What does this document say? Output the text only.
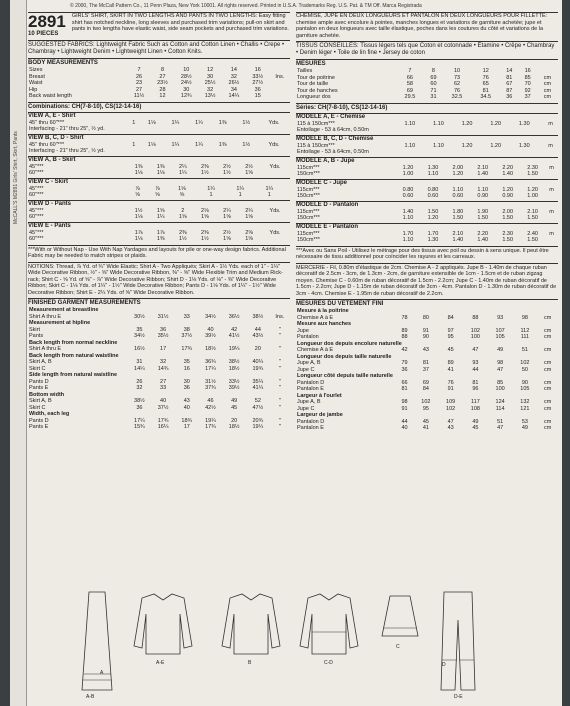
McCALL'S M2891 Girls' Shirt, Skirt, Pants
© 2000, The McCall Pattern Co., 11 Penn Plaza, New York 10001. All rights reserved. Printed in U.S.A. Trademarks Reg. U.S. Pat. & TM Off. Marca Registrada
2891
10 PIECES
GIRLS' SHIRT, SKIRT IN TWO LENGTHS AND PANTS IN TWO LENGTHS: Easy fitting shirt has notched neckline, long sleeves and purchased trim variations; pull-on skirt and pants in two lengths have elastic waist, side seam pockets and purchased trim variations.
SUGGESTED FABRICS: Lightweight Fabric Such as Cotton and Cotton Linen • Challis • Crepe • Chambray • Lightweight Denim • Lightweight Linen • Cotton Knits.
BODY MEASUREMENTS
Sizes	7	8	10	12	14	16	
Breast	26	27	28½	30	32	33½	Ins.
Waist	23	23½	24½	25½	26½	27½	
Hip	27	28	30	32	34	36	
Back waist length	11½	12	12¾	13½	14¼	15	
Combinations: CH(7-8-10), CS(12-14-16)
VIEW A, E - Shirt
45" thru 60"***	1	1⅛	1¼	1¼	1⅜	1½	Yds.
Interfacing - 21" thru 25", ½ yd.							
VIEW B, C, D - Shirt
45" thru 60"***	1	1⅛	1¼	1¼	1⅜	1½	Yds.
Interfacing - 21" thru 25", ½ yd.							
VIEW A, B - Skirt
45"***	1⅜	1⅜	2¼	2⅜	2½	2½	Yds.
60"***	1⅛	1⅛	1¼	1½	1½	1⅝	
VIEW C - Skirt
45"***	⅞	⅞	1⅛	1¼	1¼	1¼	
60"***	⅝	⅝	⅝	1	1	1	
VIEW D - Pants
45"***	1½	1⅝	2	2⅛	2¼	2¼	Yds.
60"***	1⅛	1¼	1⅝	1⅝	1⅝	1⅝	
VIEW E - Pants
45"***	1⅞	1⅞	2⅜	2⅜	2½	2⅝	Yds.
60"***	1⅛	1⅜	1½	1½	1⅝	1⅝	
***With or Without Nap - Use With Nap Yardages and layouts for pile or one-way design fabrics. Additional Fabric may be needed to match stripes or plaids.
NOTIONS: Thread, ⅞ Yd. of ¾" Wide Elastic; Shirt A - Two Appliqués; Skirt A - 1½ Yds. each of 1" - 1¼" Wide Decorative Ribbon, ½" - ⅝" Wide Decorative Ribbon, ⅜" - ⅝" Wide Flexible Trim and Medium Rick-rack; Shirt C - ⅝ Yd. of ⅝" - ⅞" Wide Decorative Ribbon; Shirt D - 1⅛ Yds. of ⅛" - ⅜" Wide Decorative Ribbon; Skirt C - 1⅛ Yds. of 1¼" - 1½" Wide Decorative Ribbon; Pants D - 1⅛ Yds. of 1¼" - 1½" Wide Decorative Ribbon; Shirt E - 2¼ Yds. of ⅝" Wide Decorative Ribbon.
FINISHED GARMENT MEASUREMENTS
Measurement at breastline							
Shirt A thru E	30½	31½	33	34½	36½	38½	Ins.
Measurement at hipline							
Skirt	35	36	38	40	42	44	"
Pants	34½	35½	37½	39½	41½	43½	"
Back length from normal neckline							
Shirt A thru E	16½	17	17¾	18½	19¼	20	"
Back length from natural waistline							
Skirt A, B	31	32	35	36¾	38½	40¼	"
Skirt C	14¼	14¾	16	17¼	18½	19¾	"
Side length from natural waistline							
Pants D	26	27	30	31½	33½	35¼	"
Pants E	32	33	36	37¾	39½	41¼	"
Bottom width							
Skirt A, B	38½	40	43	46	49	52	"
Skirt C	36	37½	40	42½	45	47½	"
Width, each leg							
Pants D	17¼	17¾	18¾	19¼	20	20¾	"
Pants E	15¾	16¼	17	17¾	18½	19¼	"
CHEMISE, JUPE EN DEUX LONGUEURS ET PANTALON EN DEUX LONGUEURS POUR FILLETTE: chemise ample avec encolure à pointes, manches longues et variations de garniture achetée; jupe et pantalon en deux longueurs avec taille élastique, poches dans les coutures du côté et variations de la garniture achetée.
TISSUS CONSEILLÉS: Tissus légers tels que Coton et cotonnade • Étamine • Crêpe • Chambray • Denim léger • Toile de lin fine • Jersey de coton
MESURES
Tailles	7	8	10	12	14	16	
Tour de poitrine	66	69	73	76	81	85	cm
Tour de taille	58	60	62	65	67	70	cm
Tour de hanches	69	71	76	81	87	92	cm
Longueur dos	29.5	31	32.5	34.5	36	37	cm
Séries: CH(7-8-10), CS(12-14-16)
MODELE A, E - Chemise
115 à 150cm***	1.10	1.10	1.20	1.20	1.30		m
Entoilage - 53 à 64cm, 0.50m							
MODELE B, C, D - Chemise
115 à 150cm***	1.10	1.10	1.20	1.20	1.30		m
Entoilage - 53 à 64cm, 0.50m							
MODELE A, B - Jupe
115cm***	1.20	1.30	2.00	2.10	2.20	2.30	m
150cm***	1.00	1.10	1.20	1.40	1.40	1.50	
MODELE C - Jupe
115cm***	0.80	0.80	1.10	1.10	1.20	1.20	m
150cm***	0.60	0.60	0.60	0.90	0.90	1.00	
MODELE D - Pantalon
115cm***	1.40	1.50	1.80	1.90	2.00	2.10	m
150cm***	1.10	1.20	1.50	1.50	1.50	1.50	
MODELE E - Pantalon
115cm***	1.70	1.70	2.10	2.20	2.30	2.40	m
150cm***	1.10	1.30	1.40	1.40	1.50	1.50	
***Avec ou Sans Poil - Utilisez le métrage pour des tissus avec poil ou dessin à sens unique. Il peut être nécessaire de tissu additionnel pour coïncider les rayures et les carreaux.
MERCERIE - Fil, 0.80m d'élastique de 2cm. Chemise A - 2 appliqués. Jupe B - 1.40m de chaque ruban décoratif de 2.5cm - 3cm, de 1.3cm - 2cm, de garniture extensible de 1cm - 1.5cm et de ruban zigzag moyen. Chemise C - 0.60m de ruban décoratif de 1.5cm - 2.2cm; Jupe C - 1.40m de ruban décoratif de 1.5cm - 2.2cm; Jupe D - 1.15m de ruban décoratif de 3cm - 4cm. Pantalon D - 1.30m de ruban décoratif de 3cm - 4cm. Chemise E - 1.95m de ruban décoratif de 2.2cm.
MESURES DU VETEMENT FINI
Mesure à la poitrine							
Chemise A à E	78	80	84	88	93	98	cm
Mesure aux hanches							
Jupe	89	91	97	102	107	112	cm
Pantalon	88	90	95	100	105	111	cm
Longueur dos depuis encolure naturelle							
Chemise A à E	42	43	45	47	49	51	cm
Longueur dos depuis taille naturelle							
Jupe A, B	79	81	89	93	98	102	cm
Jupe C	36	37	41	44	47	50	cm
Longueur côté depuis taille naturelle							
Pantalon D	66	69	76	81	85	90	cm
Pantalon E	81	84	91	96	100	105	cm
Largeur à l'ourlet							
Jupe A, B	98	102	109	117	124	132	cm
Jupe C	91	95	102	108	114	121	cm
Largeur de jambe							
Pantalon D	44	45	47	49	51	53	cm
Pantalon E	40	41	43	45	47	49	cm
A-B
A
A-E	B	C-D
C
D
D-E
